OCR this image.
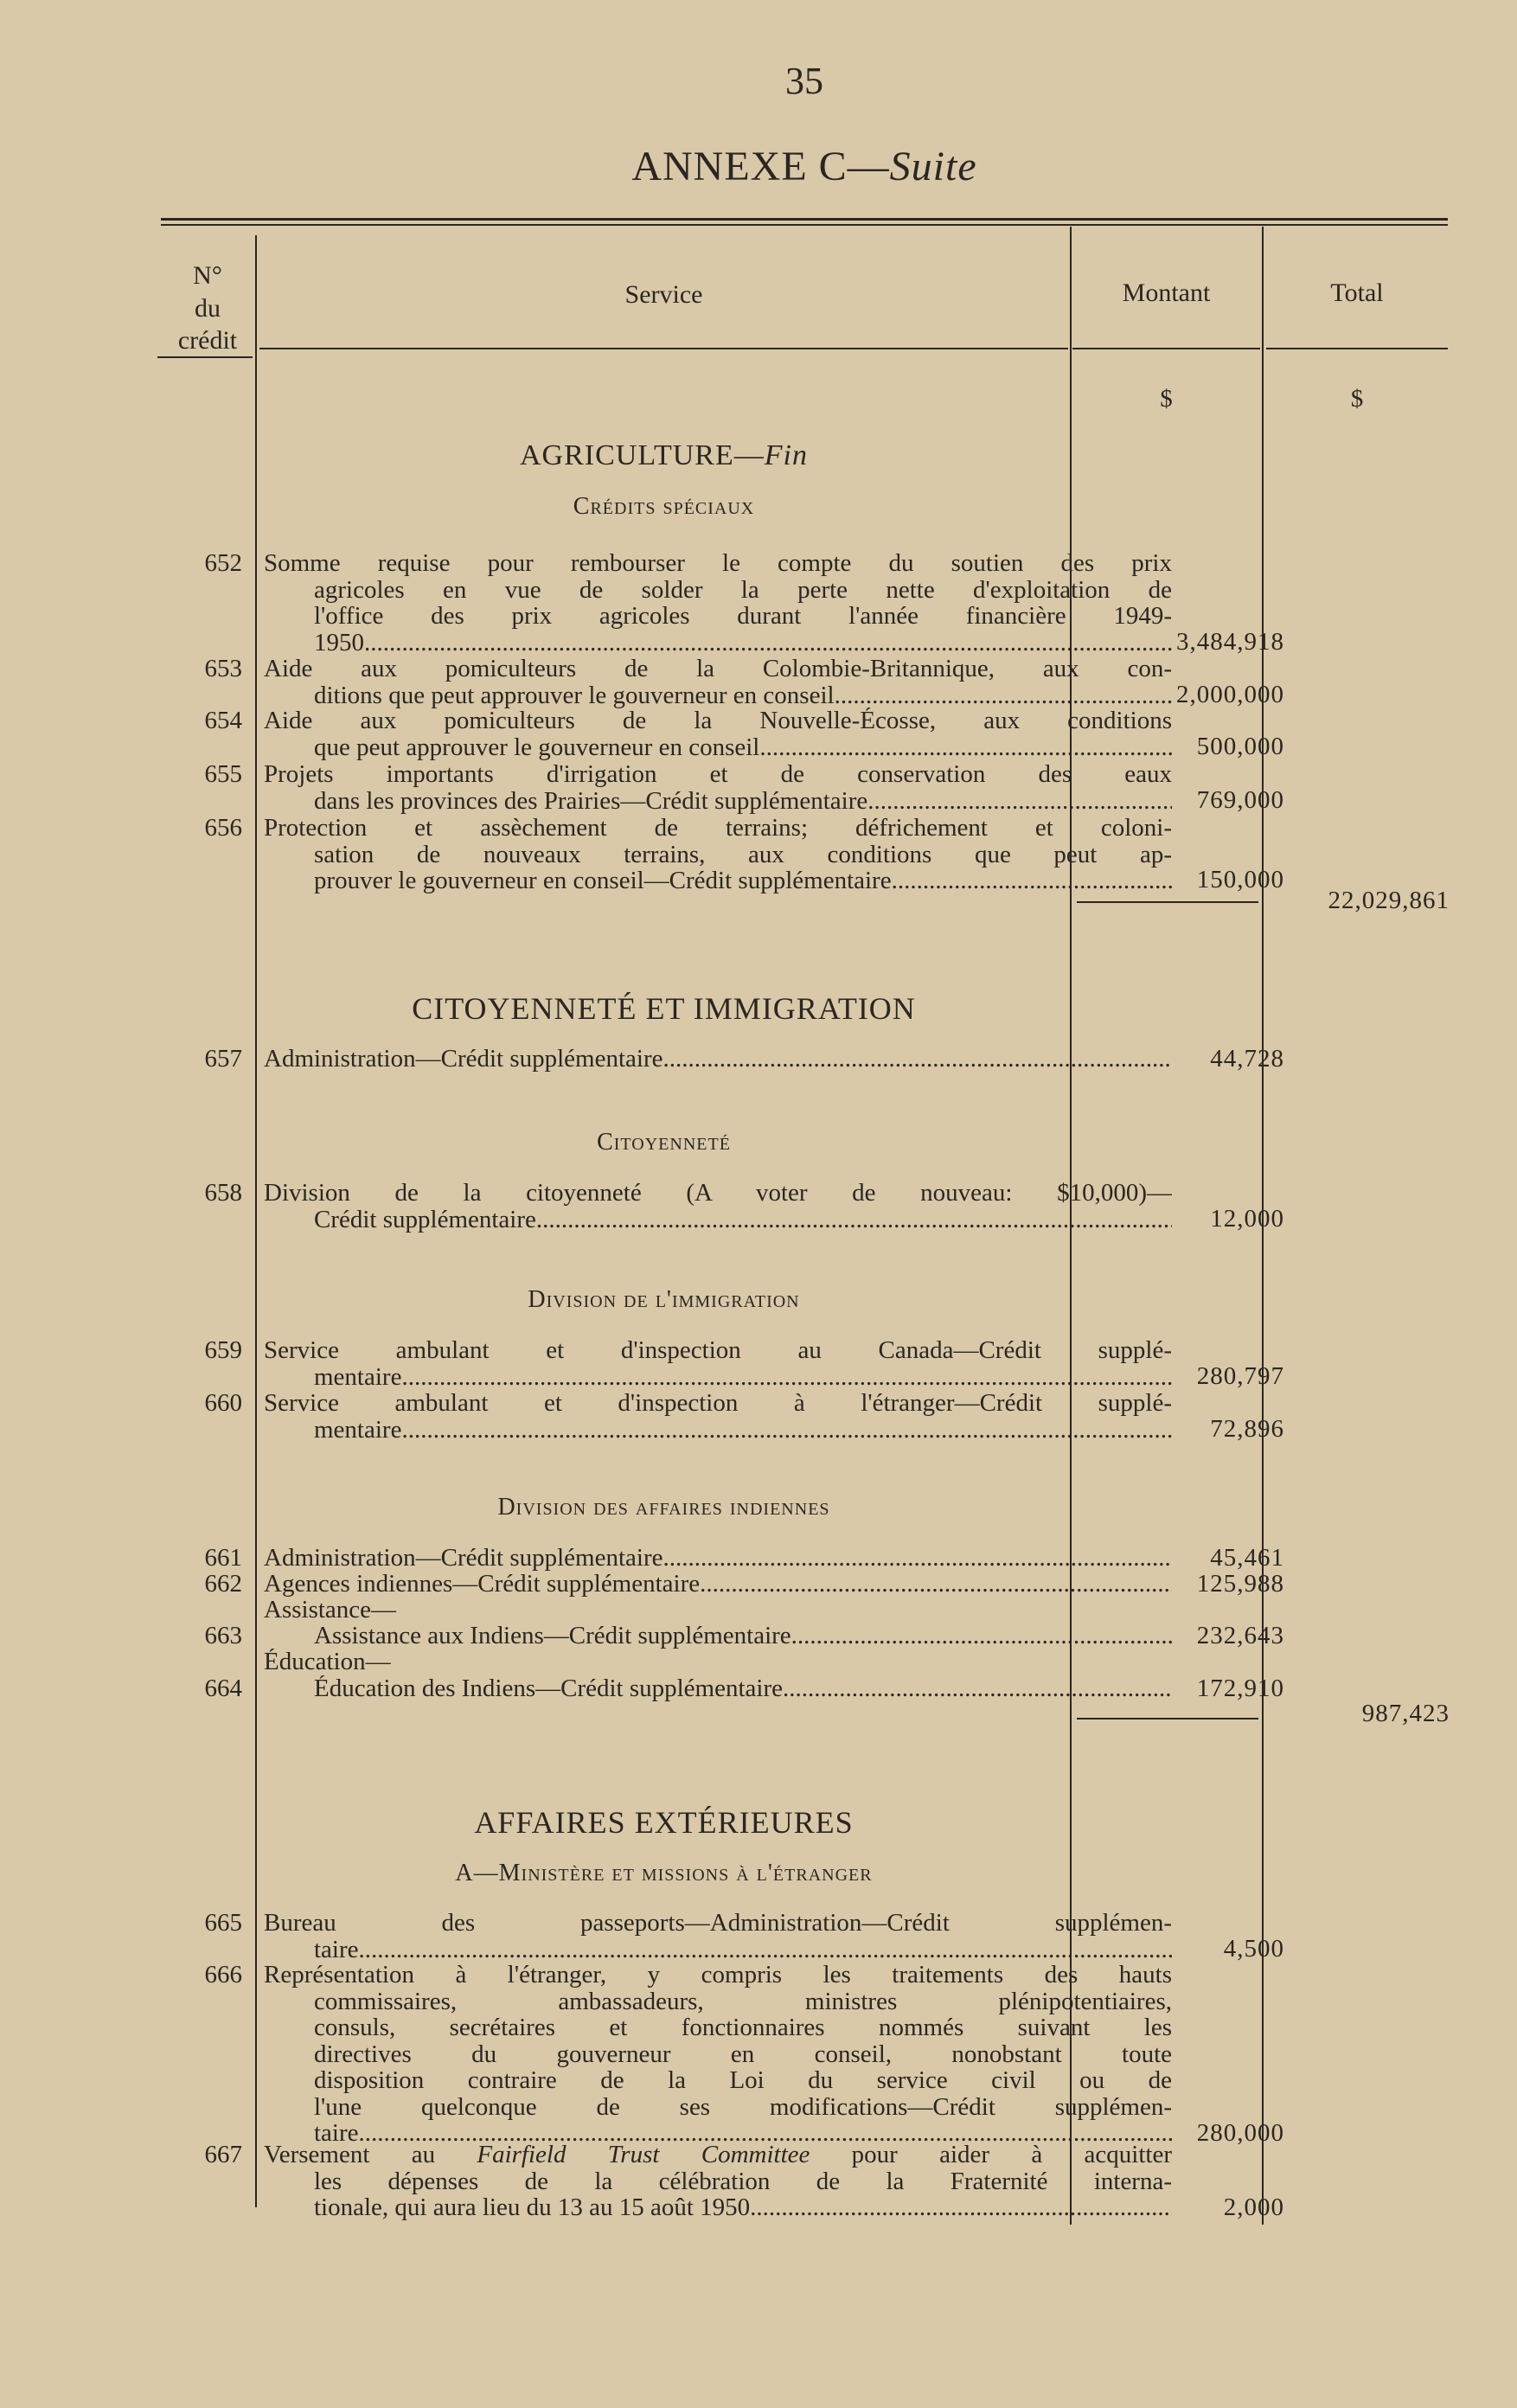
35
ANNEXE C—Suite
N°
du
crédit
Service	Montant	Total
$	$
AGRICULTURE—Fin
Crédits spéciaux
652 Somme requise pour rembourser le compte du soutien des prix
agricoles en vue de solder la perte nette d'exploitation de
l'office des prix agricoles durant l'année financière 1949-
1950 .....	3,484,918
653 Aide aux pomiculteurs de la Colombie-Britannique, aux con-
ditions que peut approuver le gouverneur en conseil .....	2,000,000
654 Aide aux pomiculteurs de la Nouvelle-Écosse, aux conditions
que peut approuver le gouverneur en conseil .....	500,000
655 Projets importants d'irrigation et de conservation des eaux
dans les provinces des Prairies—Crédit supplémentaire .....	769,000
656 Protection et assèchement de terrains; défrichement et coloni-
sation de nouveaux terrains, aux conditions que peut ap-
prouver le gouverneur en conseil—Crédit supplémentaire .....	150,000
22,029,861
CITOYENNETÉ ET IMMIGRATION
657 Administration—Crédit supplémentaire .....	44,728
Citoyenneté
658 Division de la citoyenneté (A voter de nouveau: $10,000)—
Crédit supplémentaire .....	12,000
Division de l'immigration
659 Service ambulant et d'inspection au Canada—Crédit supplé-
mentaire .....	280,797
660 Service ambulant et d'inspection à l'étranger—Crédit supplé-
mentaire .....	72,896
Division des affaires indiennes
661 Administration—Crédit supplémentaire .....	45,461
662 Agences indiennes—Crédit supplémentaire .....	125,988
Assistance—
663	Assistance aux Indiens—Crédit supplémentaire .....	232,643
Éducation—
664	Éducation des Indiens—Crédit supplémentaire .....	172,910
987,423
AFFAIRES EXTÉRIEURES
A—Ministère et missions à l'étranger
665 Bureau des passeports—Administration—Crédit supplémen-
taire .....	4,500
666 Représentation à l'étranger, y compris les traitements des hauts
commissaires, ambassadeurs, ministres plénipotentiaires,
consuls, secrétaires et fonctionnaires nommés suivant les
directives du gouverneur en conseil, nonobstant toute
disposition contraire de la Loi du service civil ou de
l'une quelconque de ses modifications—Crédit supplémen-
taire .....	280,000
667 Versement au Fairfield Trust Committee pour aider à acquitter
les dépenses de la célébration de la Fraternité interna-
tionale, qui aura lieu du 13 au 15 août 1950 .....	2,000
